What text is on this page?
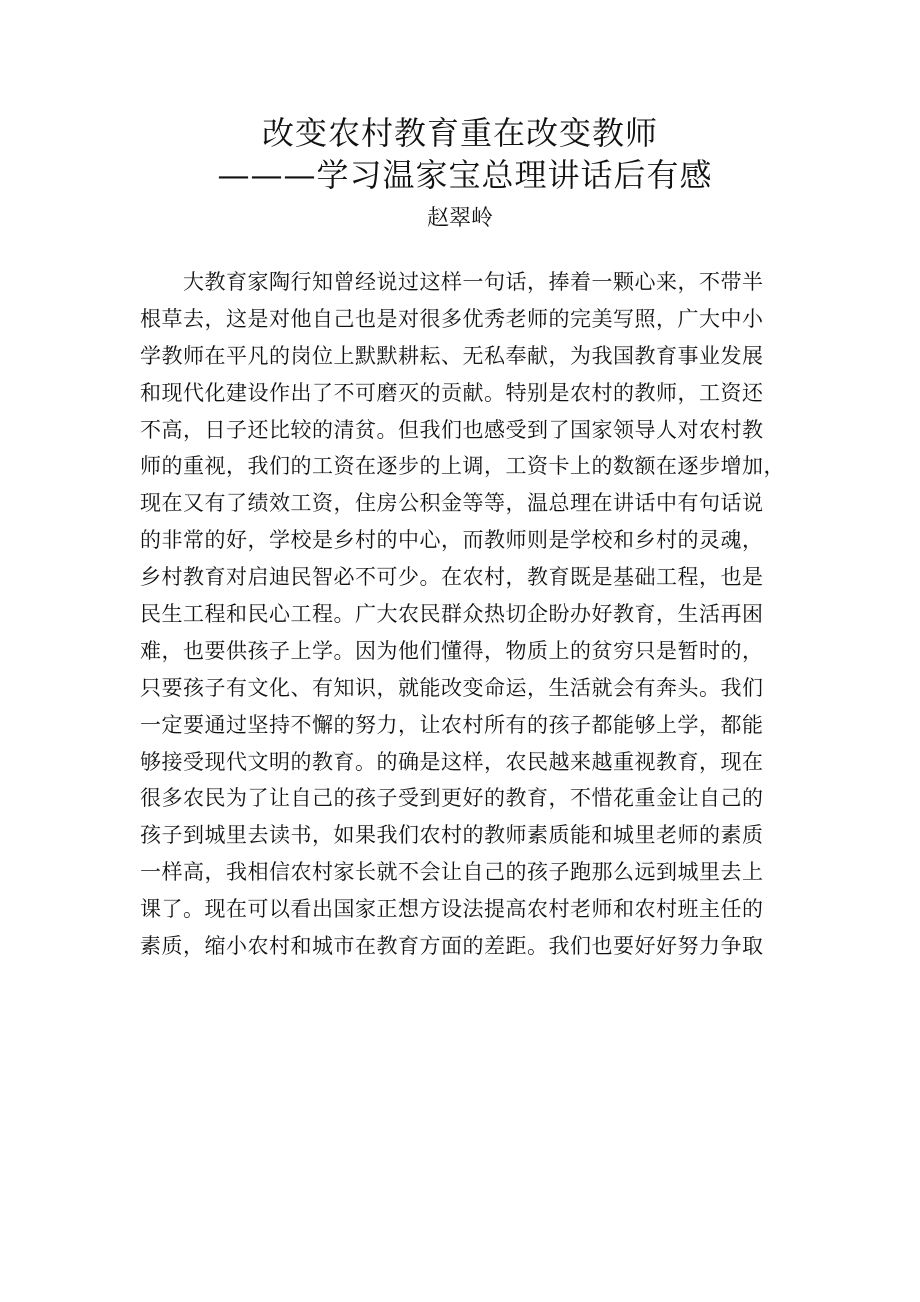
改变农村教育重在改变教师
———学习温家宝总理讲话后有感
赵翠岭
大教育家陶行知曾经说过这样一句话，捧着一颗心来，不带半
根草去，这是对他自己也是对很多优秀老师的完美写照，广大中小
学教师在平凡的岗位上默默耕耘、无私奉献，为我国教育事业发展
和现代化建设作出了不可磨灭的贡献。特别是农村的教师，工资还
不高，日子还比较的清贫。但我们也感受到了国家领导人对农村教
师的重视，我们的工资在逐步的上调，工资卡上的数额在逐步增加，
现在又有了绩效工资，住房公积金等等，温总理在讲话中有句话说
的非常的好，学校是乡村的中心，而教师则是学校和乡村的灵魂，
乡村教育对启迪民智必不可少。在农村，教育既是基础工程，也是
民生工程和民心工程。广大农民群众热切企盼办好教育，生活再困
难，也要供孩子上学。因为他们懂得，物质上的贫穷只是暂时的，
只要孩子有文化、有知识，就能改变命运，生活就会有奔头。我们
一定要通过坚持不懈的努力，让农村所有的孩子都能够上学，都能
够接受现代文明的教育。的确是这样，农民越来越重视教育，现在
很多农民为了让自己的孩子受到更好的教育，不惜花重金让自己的
孩子到城里去读书，如果我们农村的教师素质能和城里老师的素质
一样高，我相信农村家长就不会让自己的孩子跑那么远到城里去上
课了。现在可以看出国家正想方设法提高农村老师和农村班主任的
素质，缩小农村和城市在教育方面的差距。我们也要好好努力争取
